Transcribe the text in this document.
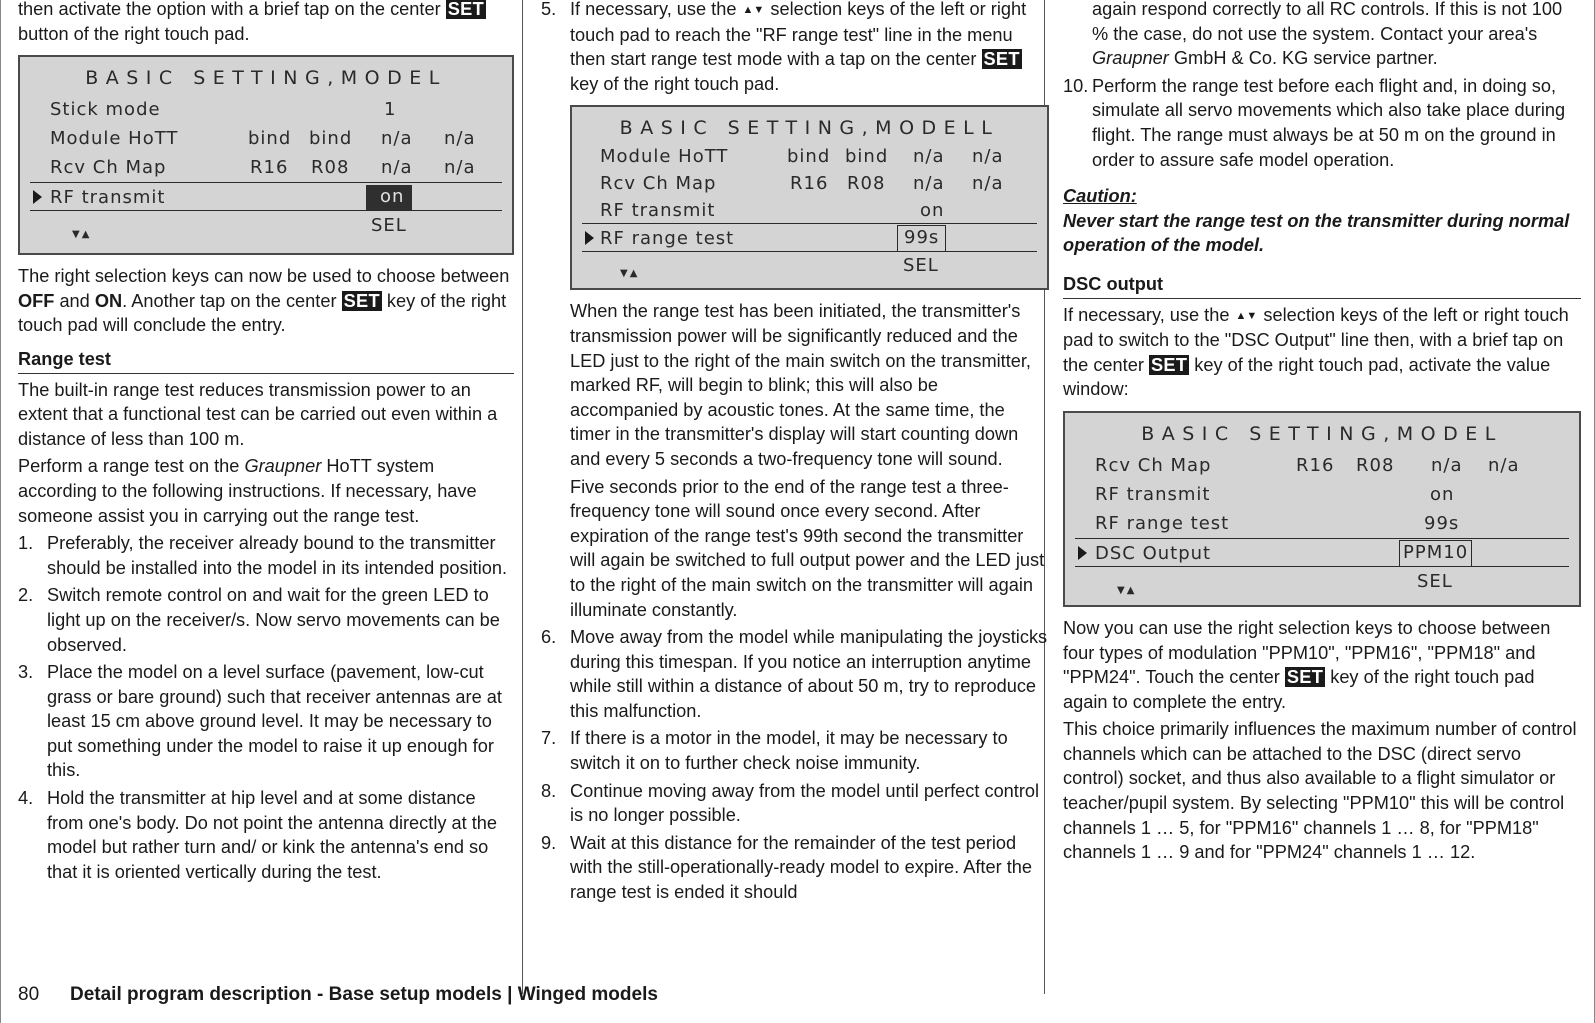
then activate the option with a brief tap on the center SET button of the right touch pad.

BASIC SETTING,MODEL
Stick mode	1
Module HoTT	bind bind n/a n/a
Rcv Ch Map	R16 R08 n/a n/a
RF transmit	on
▼▲	SEL

The right selection keys can now be used to choose between OFF and ON. Another tap on the center SET key of the right touch pad will conclude the entry.

Range test

The built-in range test reduces transmission power to an extent that a functional test can be carried out even within a distance of less than 100 m.

Perform a range test on the Graupner HoTT system according to the following instructions. If necessary, have someone assist you in carrying out the range test.

1. Preferably, the receiver already bound to the transmitter should be installed into the model in its intended position.
2. Switch remote control on and wait for the green LED to light up on the receiver/s. Now servo movements can be observed.
3. Place the model on a level surface (pavement, low-cut grass or bare ground) such that receiver antennas are at least 15 cm above ground level. It may be necessary to put something under the model to raise it up enough for this.
4. Hold the transmitter at hip level and at some distance from one's body. Do not point the antenna directly at the model but rather turn and/ or kink the antenna's end so that it is oriented vertically during the test.
5. If necessary, use the ▲▼ selection keys of the left or right touch pad to reach the "RF range test" line in the menu then start range test mode with a tap on the center SET key of the right touch pad.
BASIC SETTING,MODELL
Module HoTT	bind bind n/a n/a
Rcv Ch Map	R16 R08 n/a n/a
RF transmit	on
RF range test	99s
▼▲	SEL

When the range test has been initiated, the transmitter's transmission power will be significantly reduced and the LED just to the right of the main switch on the transmitter, marked RF, will begin to blink; this will also be accompanied by acoustic tones. At the same time, the timer in the transmitter's display will start counting down and every 5 seconds a two-frequency tone will sound.

Five seconds prior to the end of the range test a three-frequency tone will sound once every second. After expiration of the range test's 99th second the transmitter will again be switched to full output power and the LED just to the right of the main switch on the transmitter will again illuminate constantly.

6. Move away from the model while manipulating the joysticks during this timespan. If you notice an interruption anytime while still within a distance of about 50 m, try to reproduce this malfunction.
7. If there is a motor in the model, it may be necessary to switch it on to further check noise immunity.
8. Continue moving away from the model until perfect control is no longer possible.
9. Wait at this distance for the remainder of the test period with the still-operationally-ready model to expire. After the range test is ended it should

again respond correctly to all RC controls. If this is not 100 % the case, do not use the system. Contact your area's Graupner GmbH & Co. KG service partner.

10. Perform the range test before each flight and, in doing so, simulate all servo movements which also take place during flight. The range must always be at 50 m on the ground in order to assure safe model operation.
Caution:

Never start the range test on the transmitter during normal operation of the model.

DSC output

If necessary, use the ▲▼ selection keys of the left or right touch pad to switch to the "DSC Output" line then, with a brief tap on the center SET key of the right touch pad, activate the value window:

BASIC SETTING,MODEL
Rcv Ch Map	R16 R08 n/a n/a
RF transmit	on
RF range test	99s
DSC Output	PPM10
▼▲	SEL

Now you can use the right selection keys to choose between four types of modulation "PPM10", "PPM16", "PPM18" and "PPM24". Touch the center SET key of the right touch pad again to complete the entry.

This choice primarily influences the maximum number of control channels which can be attached to the DSC (direct servo control) socket, and thus also available to a flight simulator or teacher/pupil system. By selecting "PPM10" this will be control channels 1 … 5, for "PPM16" channels 1 … 8, for "PPM18" channels 1 … 9 and for "PPM24" channels 1 … 12.

80 Detail program description - Base setup models | Winged models
